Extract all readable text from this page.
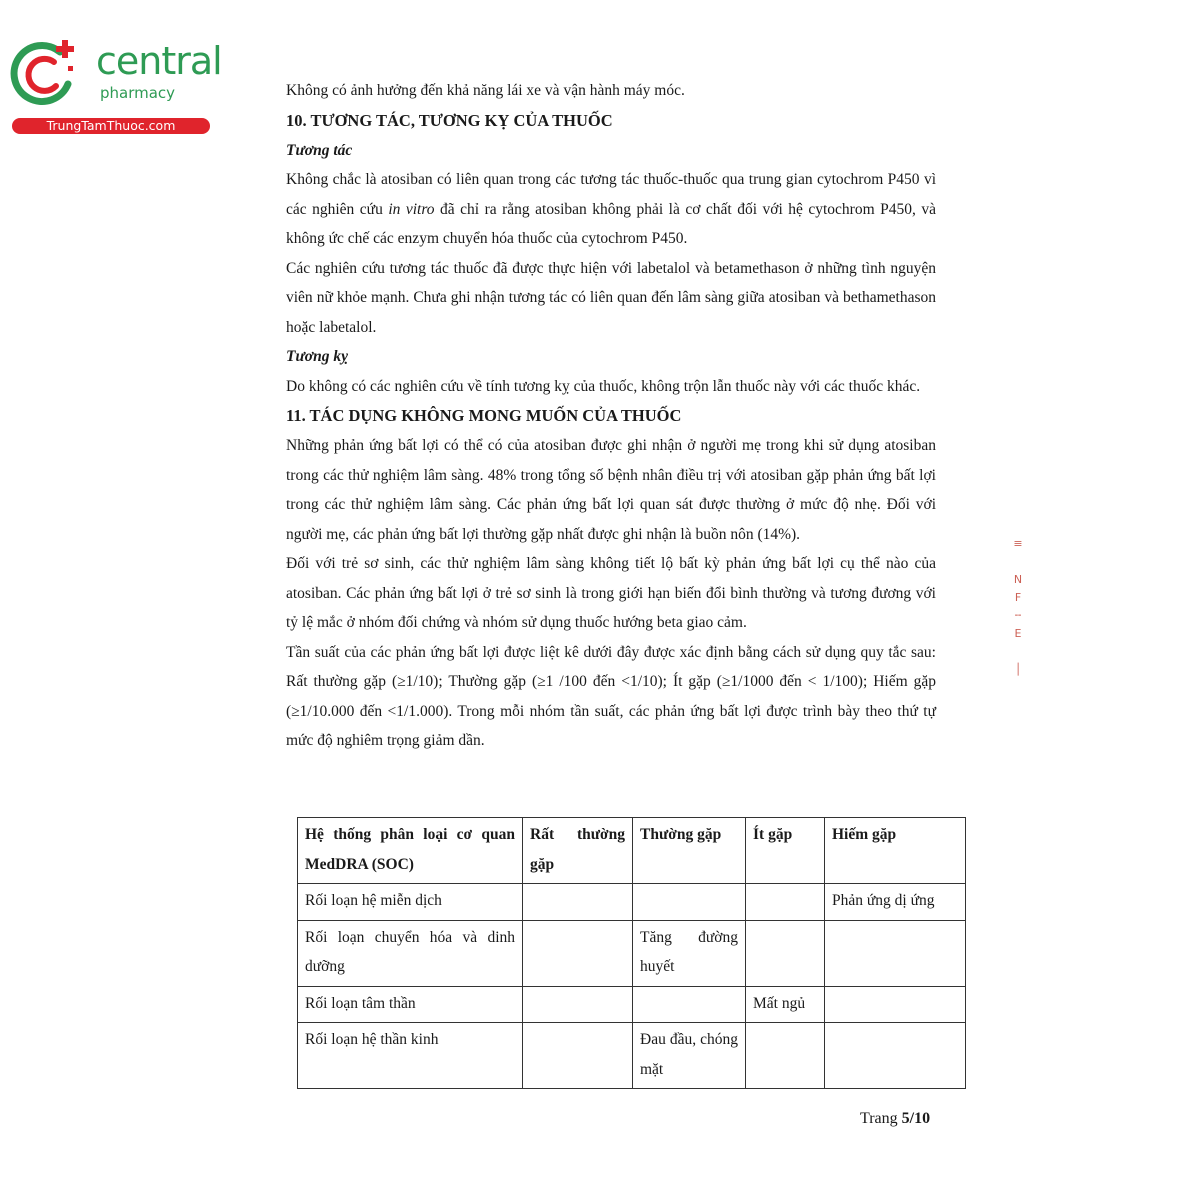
central
pharmacy
TrungTamThuoc.com

Không có ảnh hưởng đến khả năng lái xe và vận hành máy móc.

10. TƯƠNG TÁC, TƯƠNG KỴ CỦA THUỐC
Tương tác

Không chắc là atosiban có liên quan trong các tương tác thuốc-thuốc qua trung gian cytochrom P450 vì các nghiên cứu in vitro đã chỉ ra rằng atosiban không phải là cơ chất đối với hệ cytochrom P450, và không ức chế các enzym chuyển hóa thuốc của cytochrom P450.

Các nghiên cứu tương tác thuốc đã được thực hiện với labetalol và betamethason ở những tình nguyện viên nữ khỏe mạnh. Chưa ghi nhận tương tác có liên quan đến lâm sàng giữa atosiban và bethamethason hoặc labetalol.

Tương kỵ

Do không có các nghiên cứu về tính tương kỵ của thuốc, không trộn lẫn thuốc này với các thuốc khác.

11. TÁC DỤNG KHÔNG MONG MUỐN CỦA THUỐC

Những phản ứng bất lợi có thể có của atosiban được ghi nhận ở người mẹ trong khi sử dụng atosiban trong các thử nghiệm lâm sàng. 48% trong tổng số bệnh nhân điều trị với atosiban gặp phản ứng bất lợi trong các thử nghiệm lâm sàng. Các phản ứng bất lợi quan sát được thường ở mức độ nhẹ. Đối với người mẹ, các phản ứng bất lợi thường gặp nhất được ghi nhận là buồn nôn (14%).

Đối với trẻ sơ sinh, các thử nghiệm lâm sàng không tiết lộ bất kỳ phản ứng bất lợi cụ thể nào của atosiban. Các phản ứng bất lợi ở trẻ sơ sinh là trong giới hạn biến đổi bình thường và tương đương với tỷ lệ mắc ở nhóm đối chứng và nhóm sử dụng thuốc hướng beta giao cảm.

Tần suất của các phản ứng bất lợi được liệt kê dưới đây được xác định bằng cách sử dụng quy tắc sau: Rất thường gặp (≥1/10); Thường gặp (≥1 /100 đến <1/10); Ít gặp (≥1/1000 đến < 1/100); Hiếm gặp (≥1/10.000 đến <1/1.000). Trong mỗi nhóm tần suất, các phản ứng bất lợi được trình bày theo thứ tự mức độ nghiêm trọng giảm dần.

Hệ thống phân loại cơ quan MedDRA (SOC)	Rất thường gặp	Thường gặp	Ít gặp	Hiếm gặp
Rối loạn hệ miễn dịch				Phản ứng dị ứng
Rối loạn chuyển hóa và dinh dưỡng		Tăng đường huyết		
Rối loạn tâm thần			Mất ngủ	
Rối loạn hệ thần kinh		Đau đầu, chóng mặt		
≡

N
F
╌
E

│
Trang 5/10
